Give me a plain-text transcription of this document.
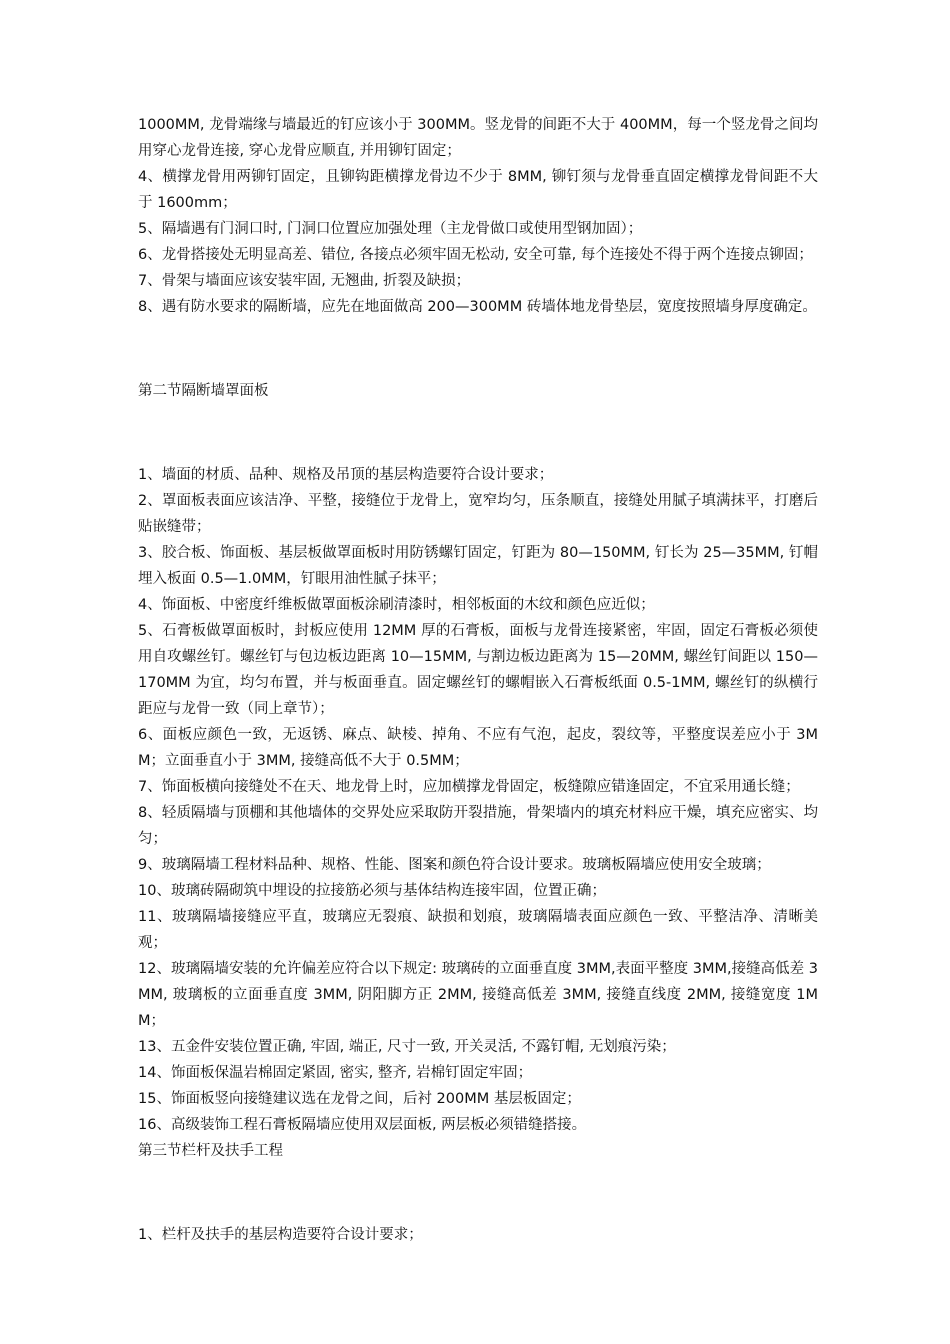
1000MM, 龙骨端缘与墙最近的钉应该小于 300MM。竖龙骨的间距不大于 400MM，每一个竖龙骨之间均用穿心龙骨连接, 穿心龙骨应顺直, 并用铆钉固定；

4、横撑龙骨用两铆钉固定，且铆钩距横撑龙骨边不少于 8MM, 铆钉须与龙骨垂直固定横撑龙骨间距不大于 1600mm；

5、隔墙遇有门洞口时, 门洞口位置应加强处理（主龙骨做口或使用型钢加固）；

6、龙骨搭接处无明显高差、错位, 各接点必须牢固无松动, 安全可靠, 每个连接处不得于两个连接点铆固；

7、骨架与墙面应该安装牢固, 无翘曲, 折裂及缺损；

8、遇有防水要求的隔断墙，应先在地面做高 200—300MM 砖墙体地龙骨垫层，宽度按照墙身厚度确定。

第二节隔断墙罩面板

1、墙面的材质、品种、规格及吊顶的基层构造要符合设计要求；

2、罩面板表面应该洁净、平整，接缝位于龙骨上，宽窄均匀，压条顺直，接缝处用腻子填满抹平，打磨后贴嵌缝带；

3、胶合板、饰面板、基层板做罩面板时用防锈螺钉固定，钉距为 80—150MM, 钉长为 25—35MM, 钉帽埋入板面 0.5—1.0MM，钉眼用油性腻子抹平；

4、饰面板、中密度纤维板做罩面板涂刷清漆时，相邻板面的木纹和颜色应近似；

5、石膏板做罩面板时，封板应使用 12MM 厚的石膏板，面板与龙骨连接紧密，牢固，固定石膏板必须使用自攻螺丝钉。螺丝钉与包边板边距离 10—15MM, 与割边板边距离为 15—20MM, 螺丝钉间距以 150—170MM 为宜，均匀布置，并与板面垂直。固定螺丝钉的螺帽嵌入石膏板纸面 0.5-1MM, 螺丝钉的纵横行距应与龙骨一致（同上章节）；

6、面板应颜色一致，无返锈、麻点、缺棱、掉角、不应有气泡，起皮，裂纹等，平整度误差应小于 3MM；立面垂直小于 3MM, 接缝高低不大于 0.5MM；

7、饰面板横向接缝处不在天、地龙骨上时，应加横撑龙骨固定，板缝隙应错逢固定，不宜采用通长缝；

8、轻质隔墙与顶棚和其他墙体的交界处应采取防开裂措施，骨架墙内的填充材料应干燥，填充应密实、均匀；

9、玻璃隔墙工程材料品种、规格、性能、图案和颜色符合设计要求。玻璃板隔墙应使用安全玻璃；

10、玻璃砖隔砌筑中埋设的拉接筋必须与基体结构连接牢固，位置正确；

11、玻璃隔墙接缝应平直，玻璃应无裂痕、缺损和划痕，玻璃隔墙表面应颜色一致、平整洁净、清晰美观；

12、玻璃隔墙安装的允许偏差应符合以下规定: 玻璃砖的立面垂直度 3MM,表面平整度 3MM,接缝高低差 3MM, 玻璃板的立面垂直度 3MM, 阴阳脚方正 2MM, 接缝高低差 3MM, 接缝直线度 2MM, 接缝宽度 1MM；

13、五金件安装位置正确, 牢固, 端正, 尺寸一致, 开关灵活, 不露钉帽, 无划痕污染；

14、饰面板保温岩棉固定紧固, 密实, 整齐, 岩棉钉固定牢固；

15、饰面板竖向接缝建议选在龙骨之间，后衬 200MM 基层板固定；

16、高级装饰工程石膏板隔墙应使用双层面板, 两层板必须错缝搭接。

第三节栏杆及扶手工程

1、栏杆及扶手的基层构造要符合设计要求；
